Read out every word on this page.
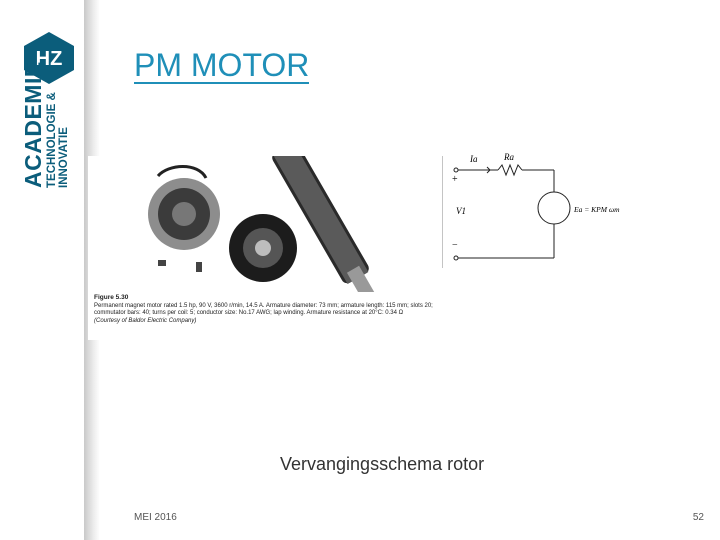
HZ
ACADEMIE TECHNOLOGIE & INNOVATIE
PM MOTOR
Figure 5.30
Permanent magnet motor rated 1.5 hp, 90 V, 3600 r/min, 14.5 A. Armature diameter: 73 mm; armature length: 115 mm; slots 20; commutator bars: 40; turns per coil: 5; conductor size: No.17 AWG; lap winding. Armature resistance at 20°C: 0.34 Ω
(Courtesy of Baldor Electric Company)
Ia	Ra
+
V1
−
Ea = KPM ωm
Vervangingsschema rotor
MEI 2016	52
